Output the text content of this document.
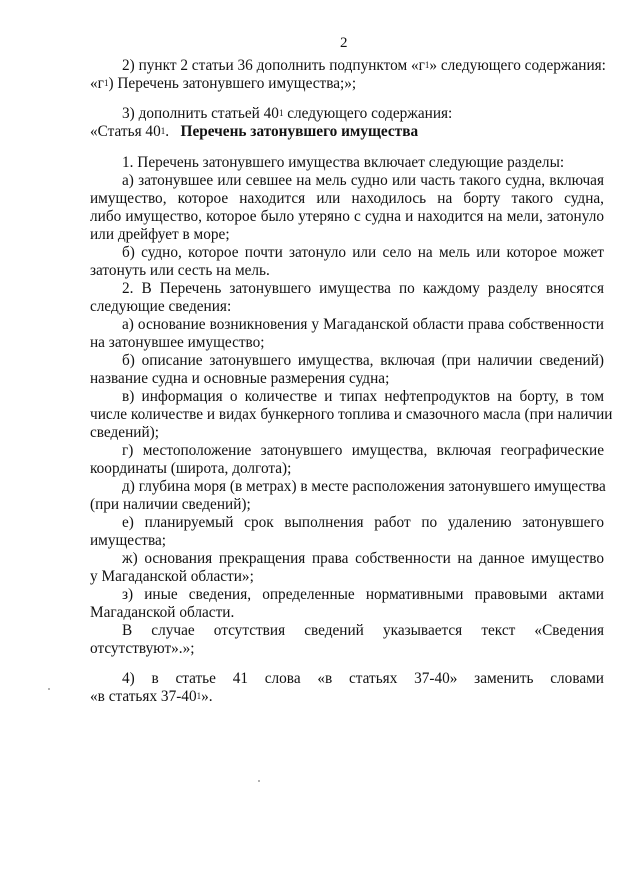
2
2) пункт 2 статьи 36 дополнить подпунктом «$г^1$» следующего содержания:
«$г^1$) Перечень затонувшего имущества;»;
3) дополнить статьей $40^1$ следующего содержания:
«Статья $40^1$. Перечень затонувшего имущества
1. Перечень затонувшего имущества включает следующие разделы:
а) затонувшее или севшее на мель судно или часть такого судна, включая
имущество, которое находится или находилось на борту такого судна,
либо имущество, которое было утеряно с судна и находится на мели, затонуло
или дрейфует в море;
б) судно, которое почти затонуло или село на мель или которое может
затонуть или сесть на мель.
2. В Перечень затонувшего имущества по каждому разделу вносятся
следующие сведения:
а) основание возникновения у Магаданской области права собственности
на затонувшее имущество;
б) описание затонувшего имущества, включая (при наличии сведений)
название судна и основные размерения судна;
в) информация о количестве и типах нефтепродуктов на борту, в том
числе количестве и видах бункерного топлива и смазочного масла (при наличии
сведений);
г) местоположение затонувшего имущества, включая географические
координаты (широта, долгота);
д) глубина моря (в метрах) в месте расположения затонувшего имущества
(при наличии сведений);
е) планируемый срок выполнения работ по удалению затонувшего
имущества;
ж) основания прекращения права собственности на данное имущество
у Магаданской области»;
з) иные сведения, определенные нормативными правовыми актами
Магаданской области.
В случае отсутствия сведений указывается текст «Сведения
отсутствуют».»;
4) в статье 41 слова «в статьях 37-40» заменить словами
«в статьях $37-40^1$».
